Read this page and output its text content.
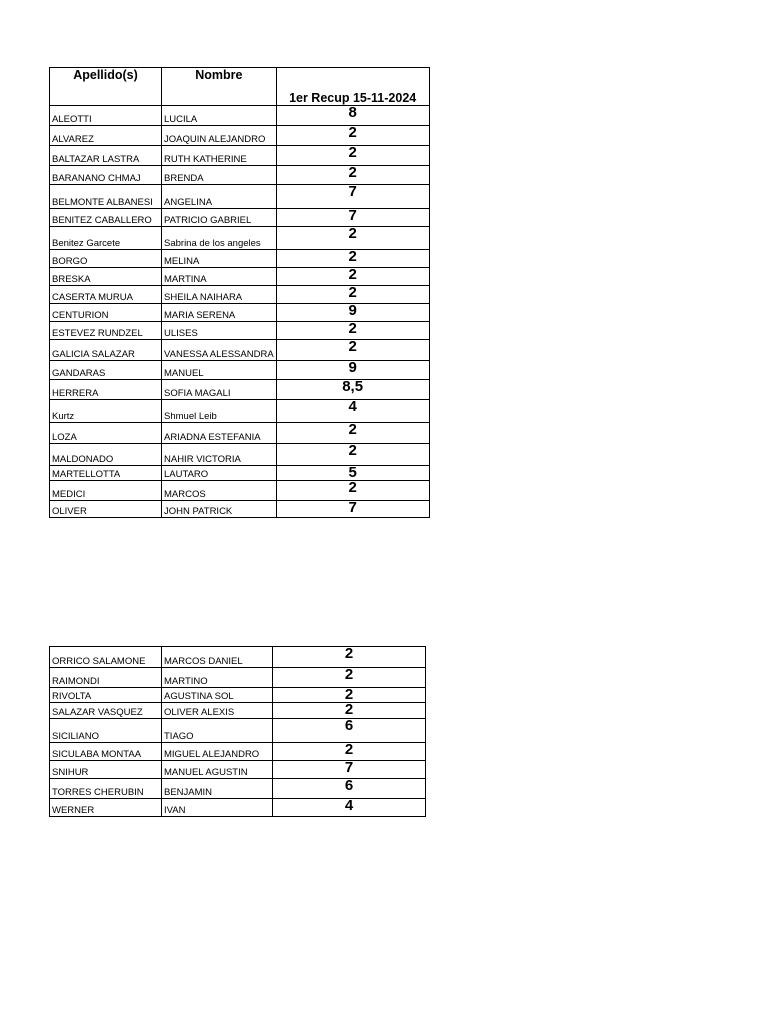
Apellido(s)	Nombre	1er Recup 15-11-2024
ALEOTTI	LUCILA	8
ALVAREZ	JOAQUIN ALEJANDRO	2
BALTAZAR LASTRA	RUTH KATHERINE	2
BARANANO CHMAJ	BRENDA	2
BELMONTE ALBANESI	ANGELINA	7
BENITEZ CABALLERO	PATRICIO GABRIEL	7
Benitez Garcete	Sabrina de los angeles	2
BORGO	MELINA	2
BRESKA	MARTINA	2
CASERTA MURUA	SHEILA NAIHARA	2
CENTURION	MARIA SERENA	9
ESTEVEZ RUNDZEL	ULISES	2
GALICIA SALAZAR	VANESSA ALESSANDRA	2
GANDARAS	MANUEL	9
HERRERA	SOFIA MAGALI	8,5
Kurtz	Shmuel Leib	4
LOZA	ARIADNA ESTEFANIA	2
MALDONADO	NAHIR VICTORIA	2
MARTELLOTTA	LAUTARO	5
MEDICI	MARCOS	2
OLIVER	JOHN PATRICK	7
ORRICO SALAMONE	MARCOS DANIEL	2
RAIMONDI	MARTINO	2
RIVOLTA	AGUSTINA SOL	2
SALAZAR VASQUEZ	OLIVER ALEXIS	2
SICILIANO	TIAGO	6
SICULABA MONTAA	MIGUEL ALEJANDRO	2
SNIHUR	MANUEL AGUSTIN	7
TORRES CHERUBIN	BENJAMIN	6
WERNER	IVAN	4
